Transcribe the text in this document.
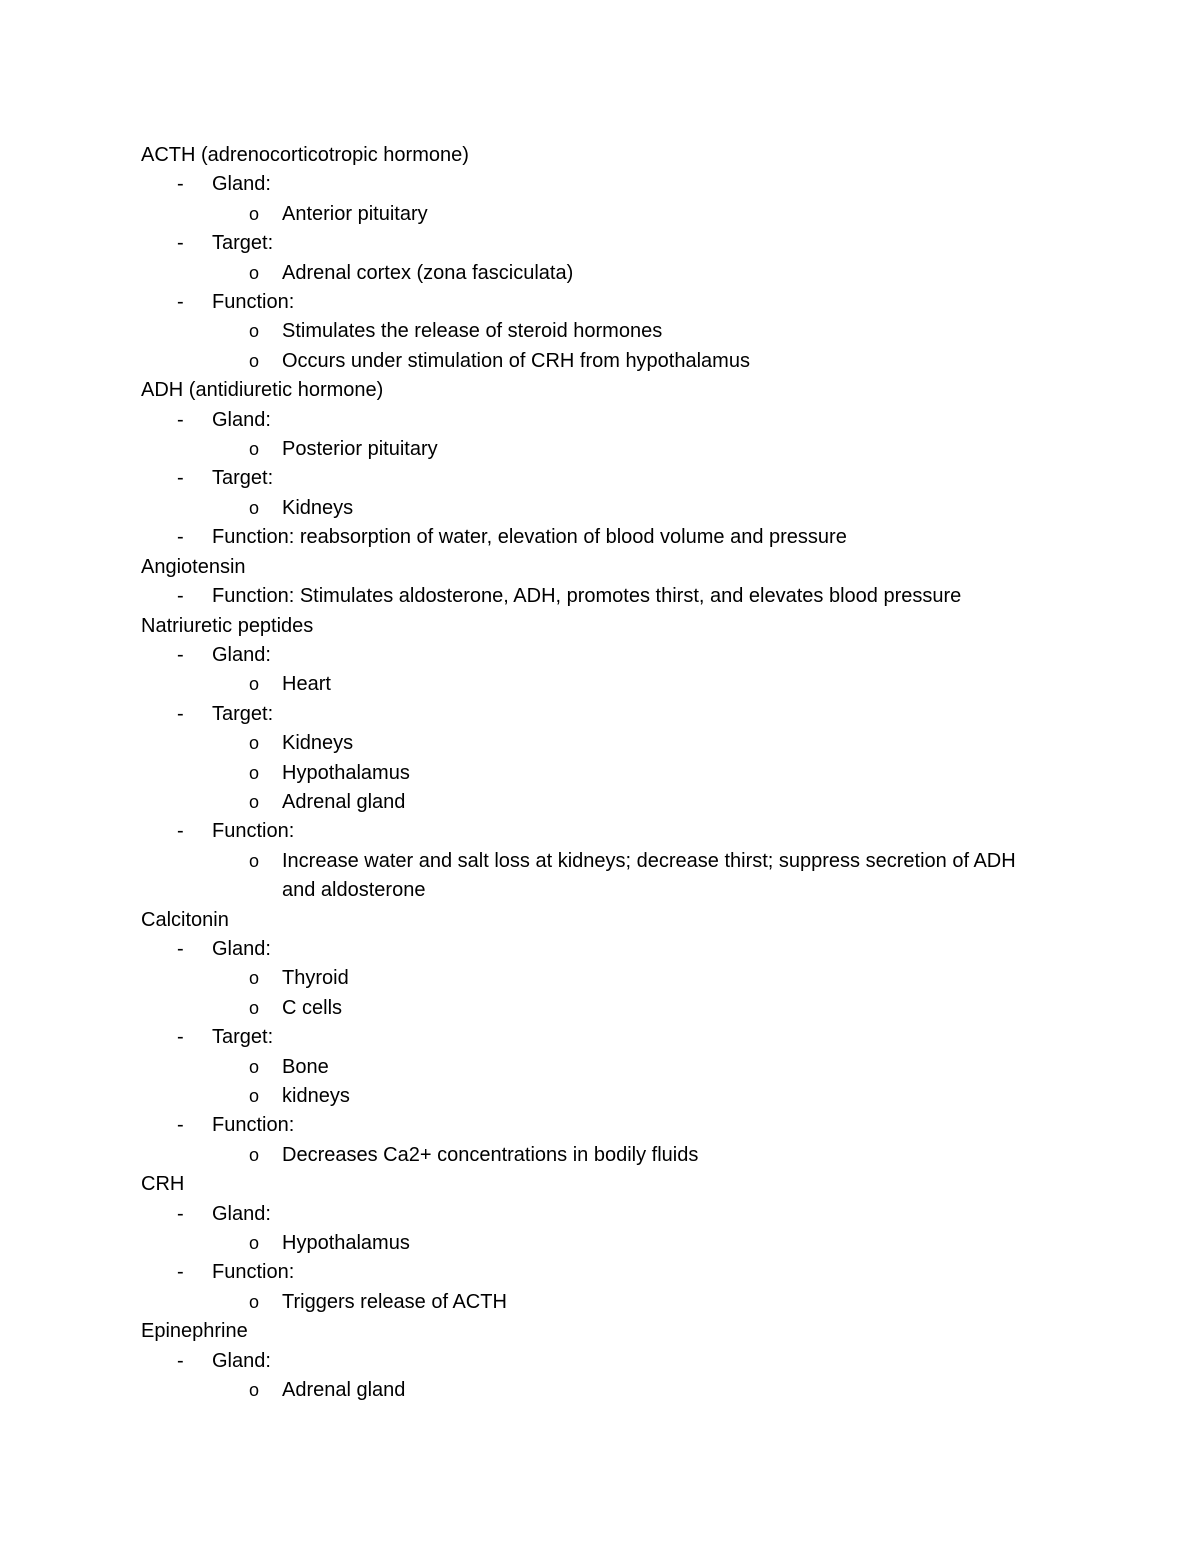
ACTH (adrenocorticotropic hormone)
- Gland:
o Anterior pituitary
- Target:
o Adrenal cortex (zona fasciculata)
- Function:
o Stimulates the release of steroid hormones
o Occurs under stimulation of CRH from hypothalamus
ADH (antidiuretic hormone)
- Gland:
o Posterior pituitary
- Target:
o Kidneys
- Function: reabsorption of water, elevation of blood volume and pressure
Angiotensin
- Function: Stimulates aldosterone, ADH, promotes thirst, and elevates blood pressure
Natriuretic peptides
- Gland:
o Heart
- Target:
o Kidneys
o Hypothalamus
o Adrenal gland
- Function:
o Increase water and salt loss at kidneys; decrease thirst; suppress secretion of ADH and aldosterone
Calcitonin
- Gland:
o Thyroid
o C cells
- Target:
o Bone
o kidneys
- Function:
o Decreases Ca2+ concentrations in bodily fluids
CRH
- Gland:
o Hypothalamus
- Function:
o Triggers release of ACTH
Epinephrine
- Gland:
o Adrenal gland
